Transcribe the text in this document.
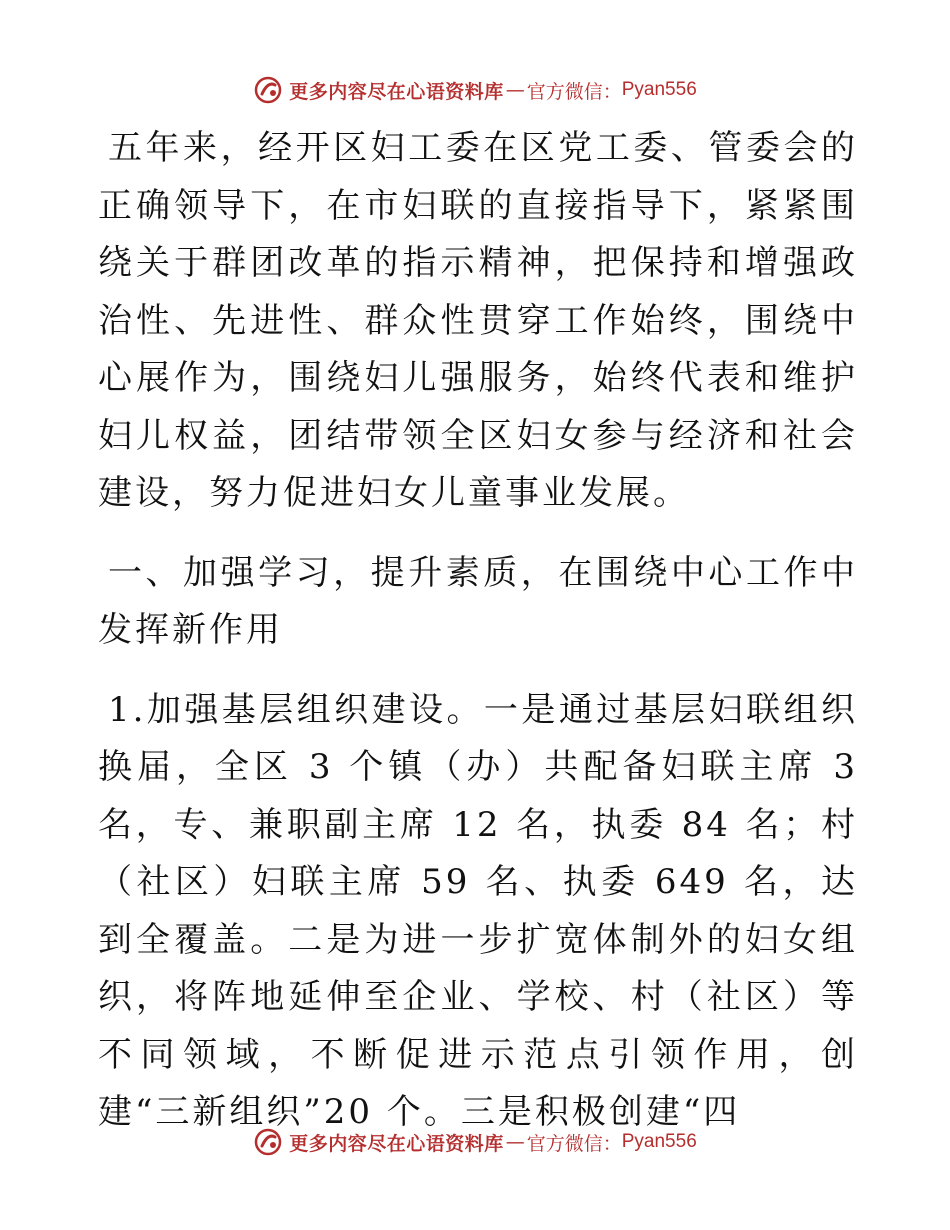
更多内容尽在心语资料库 — 官方微信： Pyan556

五年来，经开区妇工委在区党工委、管委会的正确领导下，在市妇联的直接指导下，紧紧围绕关于群团改革的指示精神，把保持和增强政治性、先进性、群众性贯穿工作始终，围绕中心展作为，围绕妇儿强服务，始终代表和维护妇儿权益，团结带领全区妇女参与经济和社会建设，努力促进妇女儿童事业发展。

一、加强学习，提升素质，在围绕中心工作中发挥新作用

1.加强基层组织建设。一是通过基层妇联组织换届，全区 3 个镇（办）共配备妇联主席 3 名，专、兼职副主席 12 名，执委 84 名；村（社区）妇联主席 59 名、执委 649 名，达到全覆盖。二是为进一步扩宽体制外的妇女组织，将阵地延伸至企业、学校、村（社区）等不同领域，不断促进示范点引领作用，创建“三新组织”20 个。三是积极创建“四

更多内容尽在心语资料库 — 官方微信： Pyan556
